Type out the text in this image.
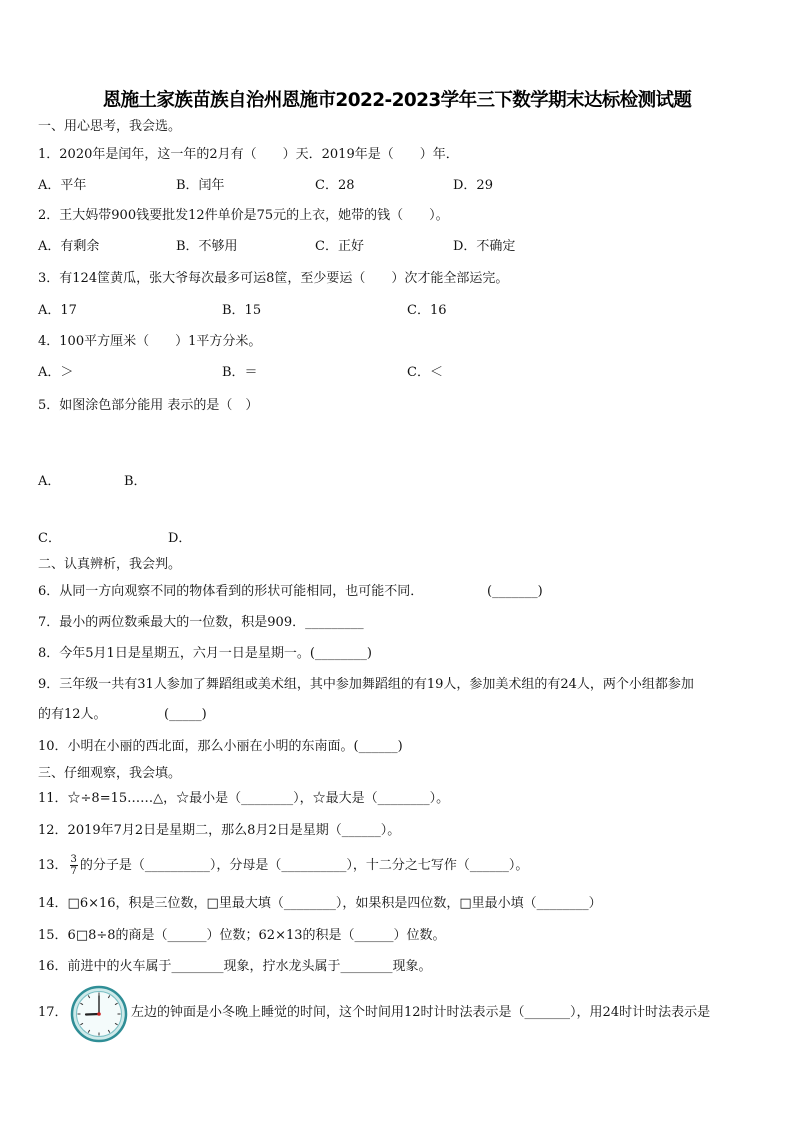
恩施土家族苗族自治州恩施市2022-2023学年三下数学期末达标检测试题
一、用心思考，我会选。
1．2020年是闰年，这一年的2月有（　　）天．2019年是（　　）年．
A．平年	B．闰年	C．28	D．29
2．王大妈带900钱要批发12件单价是75元的上衣，她带的钱（　　）。
A．有剩余	B．不够用	C．正好	D．不确定
3．有124筐黄瓜，张大爷每次最多可运8筐，至少要运（　　）次才能全部运完。
A．17	B．15	C．16
4．100平方厘米（　　）1平方分米。
A．＞	B．＝	C．＜
5．如图涂色部分能用 表示的是（　）
A．	B．
C．	D．
二、认真辨析，我会判。
6．从同一方向观察不同的物体看到的形状可能相同，也可能不同．	(_______)
7．最小的两位数乘最大的一位数，积是909．_________
8．今年5月1日是星期五，六月一日是星期一。(________)
9．三年级一共有31人参加了舞蹈组或美术组，其中参加舞蹈组的有19人，参加美术组的有24人，两个小组都参加
的有12人。	(_____)
10．小明在小丽的西北面，那么小丽在小明的东南面。(______)
三、仔细观察，我会填。
11．☆÷8=15……△，☆最小是（________），☆最大是（________）。
12．2019年7月2日是星期二，那么8月2日是星期（______）。
13． $\frac{3}{7}$ 的分子是（__________），分母是（__________），十二分之七写作（______）。
14．□6×16，积是三位数，□里最大填（________），如果积是四位数，□里最小填（________）
15．6□8÷8的商是（______）位数；62×13的积是（______）位数。
16．前进中的火车属于________现象，拧水龙头属于________现象。
17．	左边的钟面是小冬晚上睡觉的时间，这个时间用12时计时法表示是（_______），用24时计时法表示是
